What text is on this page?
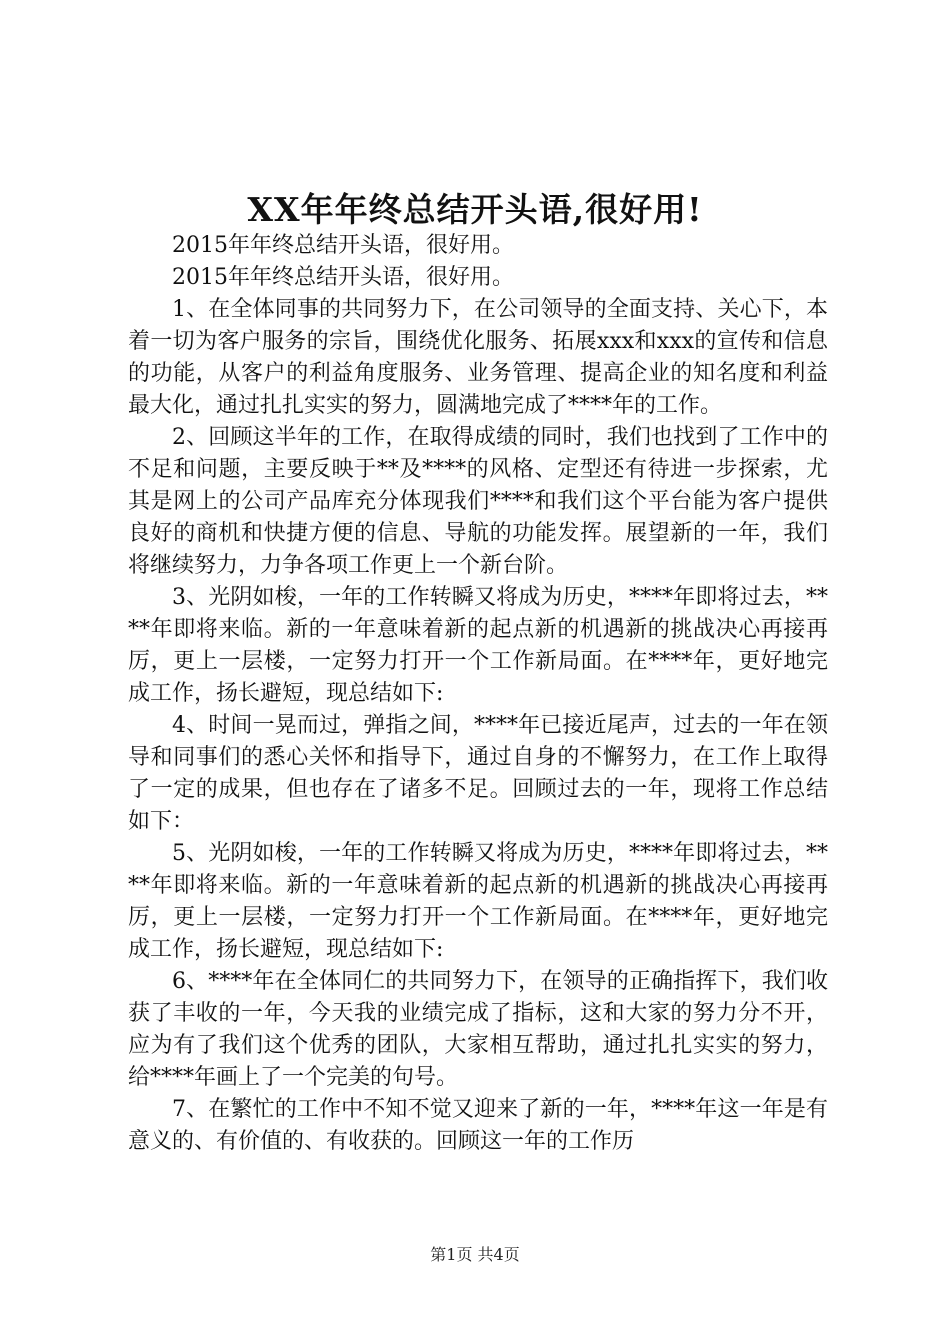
XX年年终总结开头语,很好用!

2015年年终总结开头语，很好用。

2015年年终总结开头语，很好用。

1、在全体同事的共同努力下，在公司领导的全面支持、关心下，本着一切为客户服务的宗旨，围绕优化服务、拓展xxx和xxx的宣传和信息的功能，从客户的利益角度服务、业务管理、提高企业的知名度和利益最大化，通过扎扎实实的努力，圆满地完成了****年的工作。

2、回顾这半年的工作，在取得成绩的同时，我们也找到了工作中的不足和问题，主要反映于**及****的风格、定型还有待进一步探索，尤其是网上的公司产品库充分体现我们****和我们这个平台能为客户提供良好的商机和快捷方便的信息、导航的功能发挥。展望新的一年，我们将继续努力，力争各项工作更上一个新台阶。

3、光阴如梭，一年的工作转瞬又将成为历史，****年即将过去，****年即将来临。新的一年意味着新的起点新的机遇新的挑战决心再接再厉，更上一层楼，一定努力打开一个工作新局面。在****年，更好地完成工作，扬长避短，现总结如下:

4、时间一晃而过，弹指之间，****年已接近尾声，过去的一年在领导和同事们的悉心关怀和指导下，通过自身的不懈努力，在工作上取得了一定的成果，但也存在了诸多不足。回顾过去的一年，现将工作总结如下：

5、光阴如梭，一年的工作转瞬又将成为历史，****年即将过去，****年即将来临。新的一年意味着新的起点新的机遇新的挑战决心再接再厉，更上一层楼，一定努力打开一个工作新局面。在****年，更好地完成工作，扬长避短，现总结如下:

6、****年在全体同仁的共同努力下，在领导的正确指挥下，我们收获了丰收的一年，今天我的业绩完成了指标，这和大家的努力分不开，应为有了我们这个优秀的团队，大家相互帮助，通过扎扎实实的努力，给****年画上了一个完美的句号。

7、在繁忙的工作中不知不觉又迎来了新的一年，****年这一年是有意义的、有价值的、有收获的。回顾这一年的工作历

第1页 共4页
